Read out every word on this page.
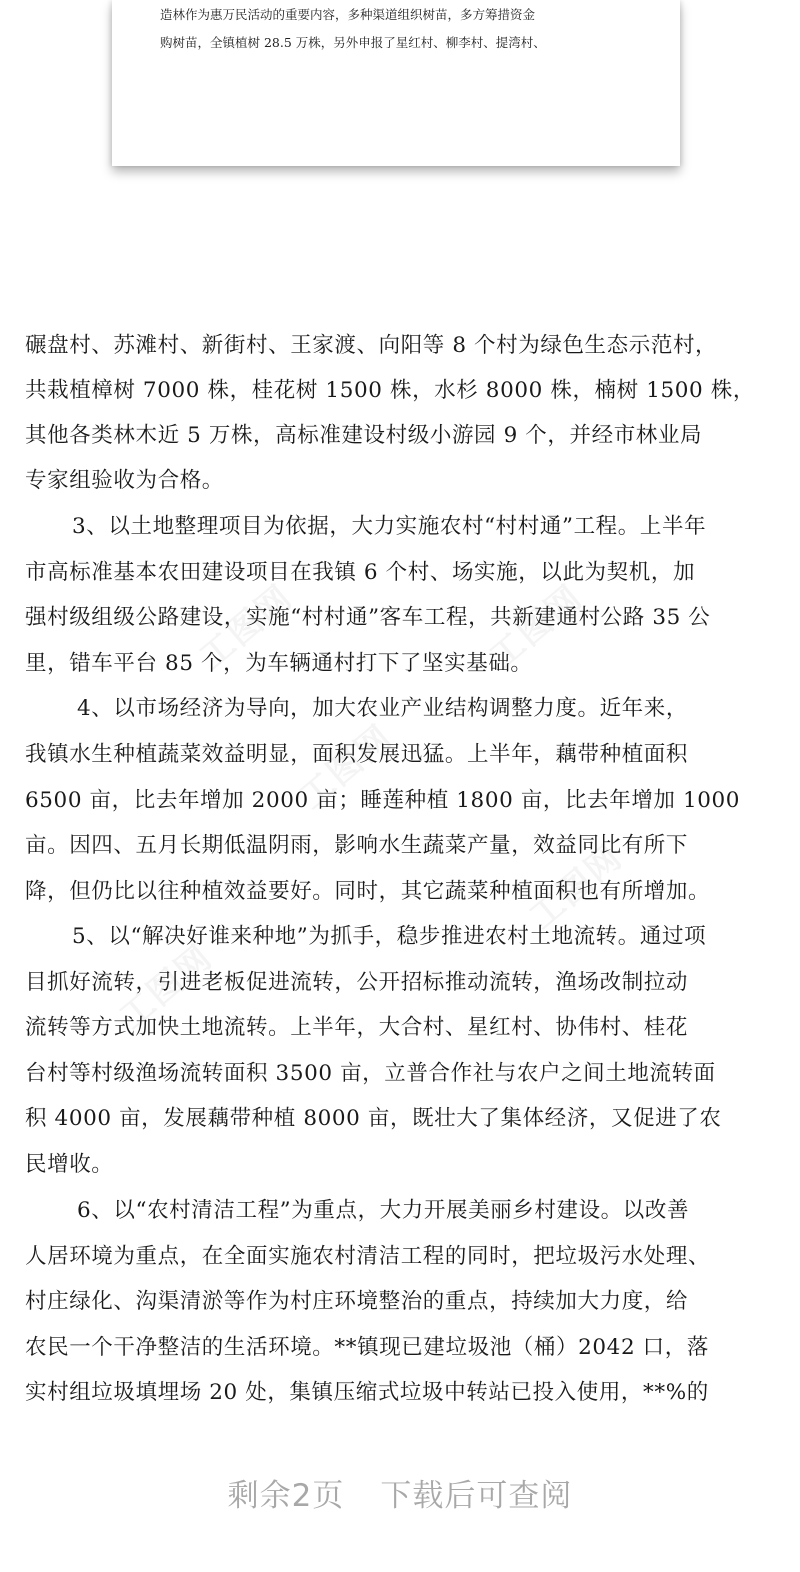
造林作为惠万民活动的重要内容，多种渠道组织树苗，多方筹措资金
购树苗，全镇植树 28.5 万株，另外申报了星红村、柳李村、提湾村、
工图网	工图网
工图网
工图网
工图网
碾盘村、苏滩村、新街村、王家渡、向阳等 8 个村为绿色生态示范村，
共栽植樟树 7000 株，桂花树 1500 株，水杉 8000 株，楠树 1500 株，
其他各类林木近 5 万株，高标准建设村级小游园 9 个，并经市林业局
专家组验收为合格。
3、以土地整理项目为依据，大力实施农村“村村通”工程。上半年
市高标准基本农田建设项目在我镇 6 个村、场实施，以此为契机，加
强村级组级公路建设，实施“村村通”客车工程，共新建通村公路 35 公
里，错车平台 85 个，为车辆通村打下了坚实基础。
4、以市场经济为导向，加大农业产业结构调整力度。近年来，
我镇水生种植蔬菜效益明显，面积发展迅猛。上半年，藕带种植面积
6500 亩，比去年增加 2000 亩；睡莲种植 1800 亩，比去年增加 1000
亩。因四、五月长期低温阴雨，影响水生蔬菜产量，效益同比有所下
降，但仍比以往种植效益要好。同时，其它蔬菜种植面积也有所增加。
5、以“解决好谁来种地”为抓手，稳步推进农村土地流转。通过项
目抓好流转，引进老板促进流转，公开招标推动流转，渔场改制拉动
流转等方式加快土地流转。上半年，大合村、星红村、协伟村、桂花
台村等村级渔场流转面积 3500 亩，立普合作社与农户之间土地流转面
积 4000 亩，发展藕带种植 8000 亩，既壮大了集体经济，又促进了农
民增收。
6、以“农村清洁工程”为重点，大力开展美丽乡村建设。以改善
人居环境为重点，在全面实施农村清洁工程的同时，把垃圾污水处理、
村庄绿化、沟渠清淤等作为村庄环境整治的重点，持续加大力度，给
农民一个干净整洁的生活环境。**镇现已建垃圾池（桶）2042 口，落
实村组垃圾填埋场 20 处，集镇压缩式垃圾中转站已投入使用，**%的
剩余2页 下载后可查阅
